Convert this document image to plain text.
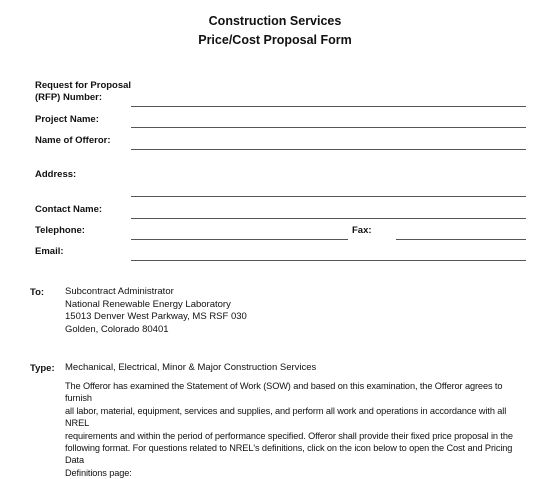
Construction Services
Price/Cost Proposal Form
Request for Proposal
(RFP) Number:
Project Name:
Name of Offeror:
Address:
Contact Name:
Telephone:	Fax:
Email:
To: Subcontract Administrator
National Renewable Energy Laboratory
15013 Denver West Parkway, MS RSF 030
Golden, Colorado 80401
Type: Mechanical, Electrical, Minor & Major Construction Services
The Offeror has examined the Statement of Work (SOW) and based on this examination, the Offeror agrees to furnish
all labor, material, equipment, services and supplies, and perform all work and operations in accordance with all NREL
requirements and within the period of performance specified. Offeror shall provide their fixed price proposal in the
following format. For questions related to NREL's definitions, click on the icon below to open the Cost and Pricing Data
Definitions page:
